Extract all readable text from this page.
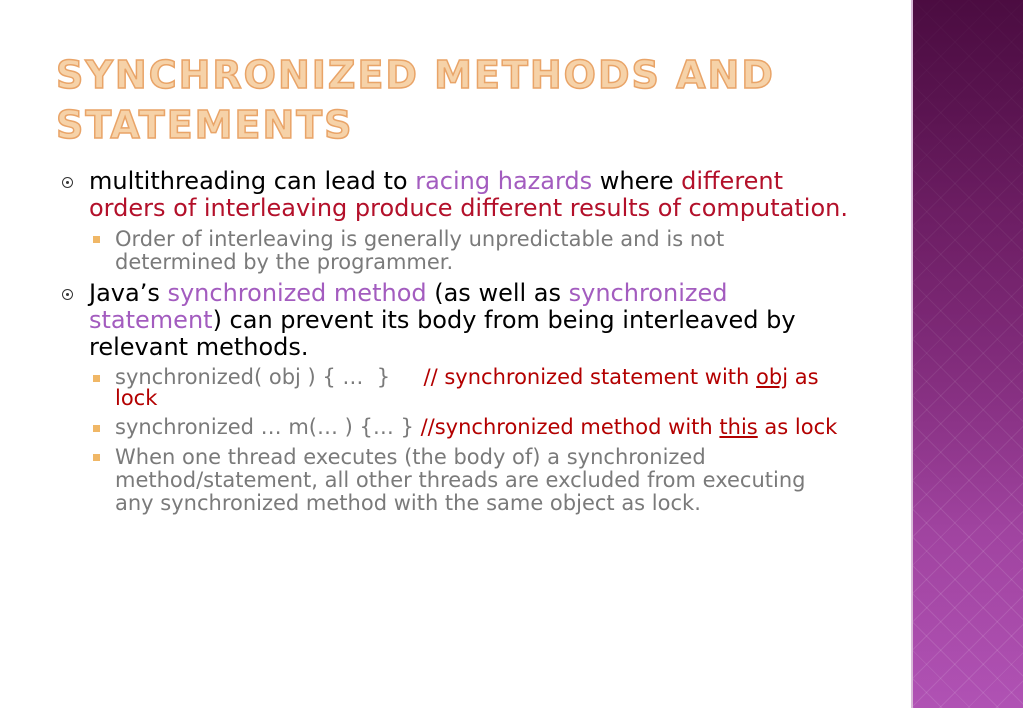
SYNCHRONIZED METHODS AND
STATEMENTS
multithreading can lead to racing hazards where different orders of interleaving produce different results of computation.
Order of interleaving is generally unpredictable and is not determined by the programmer.
Java’s synchronized method (as well as synchronized statement) can prevent its body from being interleaved by relevant methods.
synchronized( obj ) { …  }     // synchronized statement with obj as lock
synchronized … m(… ) {… } //synchronized method with this as lock
When one thread executes (the body of) a synchronized method/statement, all other threads are excluded from executing any synchronized method with the same object as lock.
